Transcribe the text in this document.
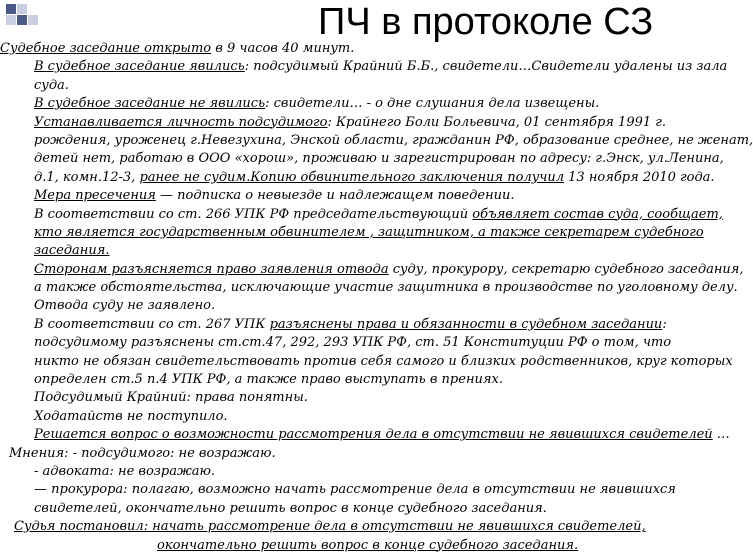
ПЧ в протоколе СЗ
Судебное заседание открыто в 9 часов 40 минут.
В судебное заседание явились: подсудимый Крайний Б.Б., свидетели…Свидетели удалены из зала
суда.
В судебное заседание не явились: свидетели… - о дне слушания дела извещены.
Устанавливается личность подсудимого: Крайнего Боли Больевича, 01 сентября 1991 г.
рождения, уроженец г.Невезухина, Энской области, гражданин РФ, образование среднее, не женат,
детей нет, работаю в ООО «хорош», проживаю и зарегистрирован по адресу: г.Энск, ул.Ленина,
д.1, комн.12-3, ранее не судим.Копию обвинительного заключения получил 13 ноября 2010 года.
Мера пресечения — подписка о невыезде и надлежащем поведении.
В соответствии со ст. 266 УПК РФ председательствующий объявляет состав суда, сообщает,
кто является государственным обвинителем , защитником, а также секретарем судебного
заседания.
Сторонам разъясняется право заявления отвода суду, прокурору, секретарю судебного заседания,
а также обстоятельства, исключающие участие защитника в производстве по уголовному делу.
Отвода суду не заявлено.
В соответствии со ст. 267 УПК разъяснены права и обязанности в судебном заседании:
подсудимому разъяснены ст.ст.47, 292, 293 УПК РФ, ст. 51 Конституции РФ о том, что
никто не обязан свидетельствовать против себя самого и близких родственников, круг которых
определен ст.5 п.4 УПК РФ, а также право выступать в прениях.
Подсудимый Крайний: права понятны.
Ходатайств не поступило.
Решается вопрос о возможности рассмотрения дела в отсутствии не явившихся свидетелей …
Мнения: - подсудимого: не возражаю.
- адвоката: не возражаю.
— прокурора: полагаю, возможно начать рассмотрение дела в отсутствии не явившихся
свидетелей, окончательно решить вопрос в конце судебного заседания.
Судья постановил: начать рассмотрение дела в отсутствии не явившихся свидетелей,
окончательно решить вопрос в конце судебного заседания.
